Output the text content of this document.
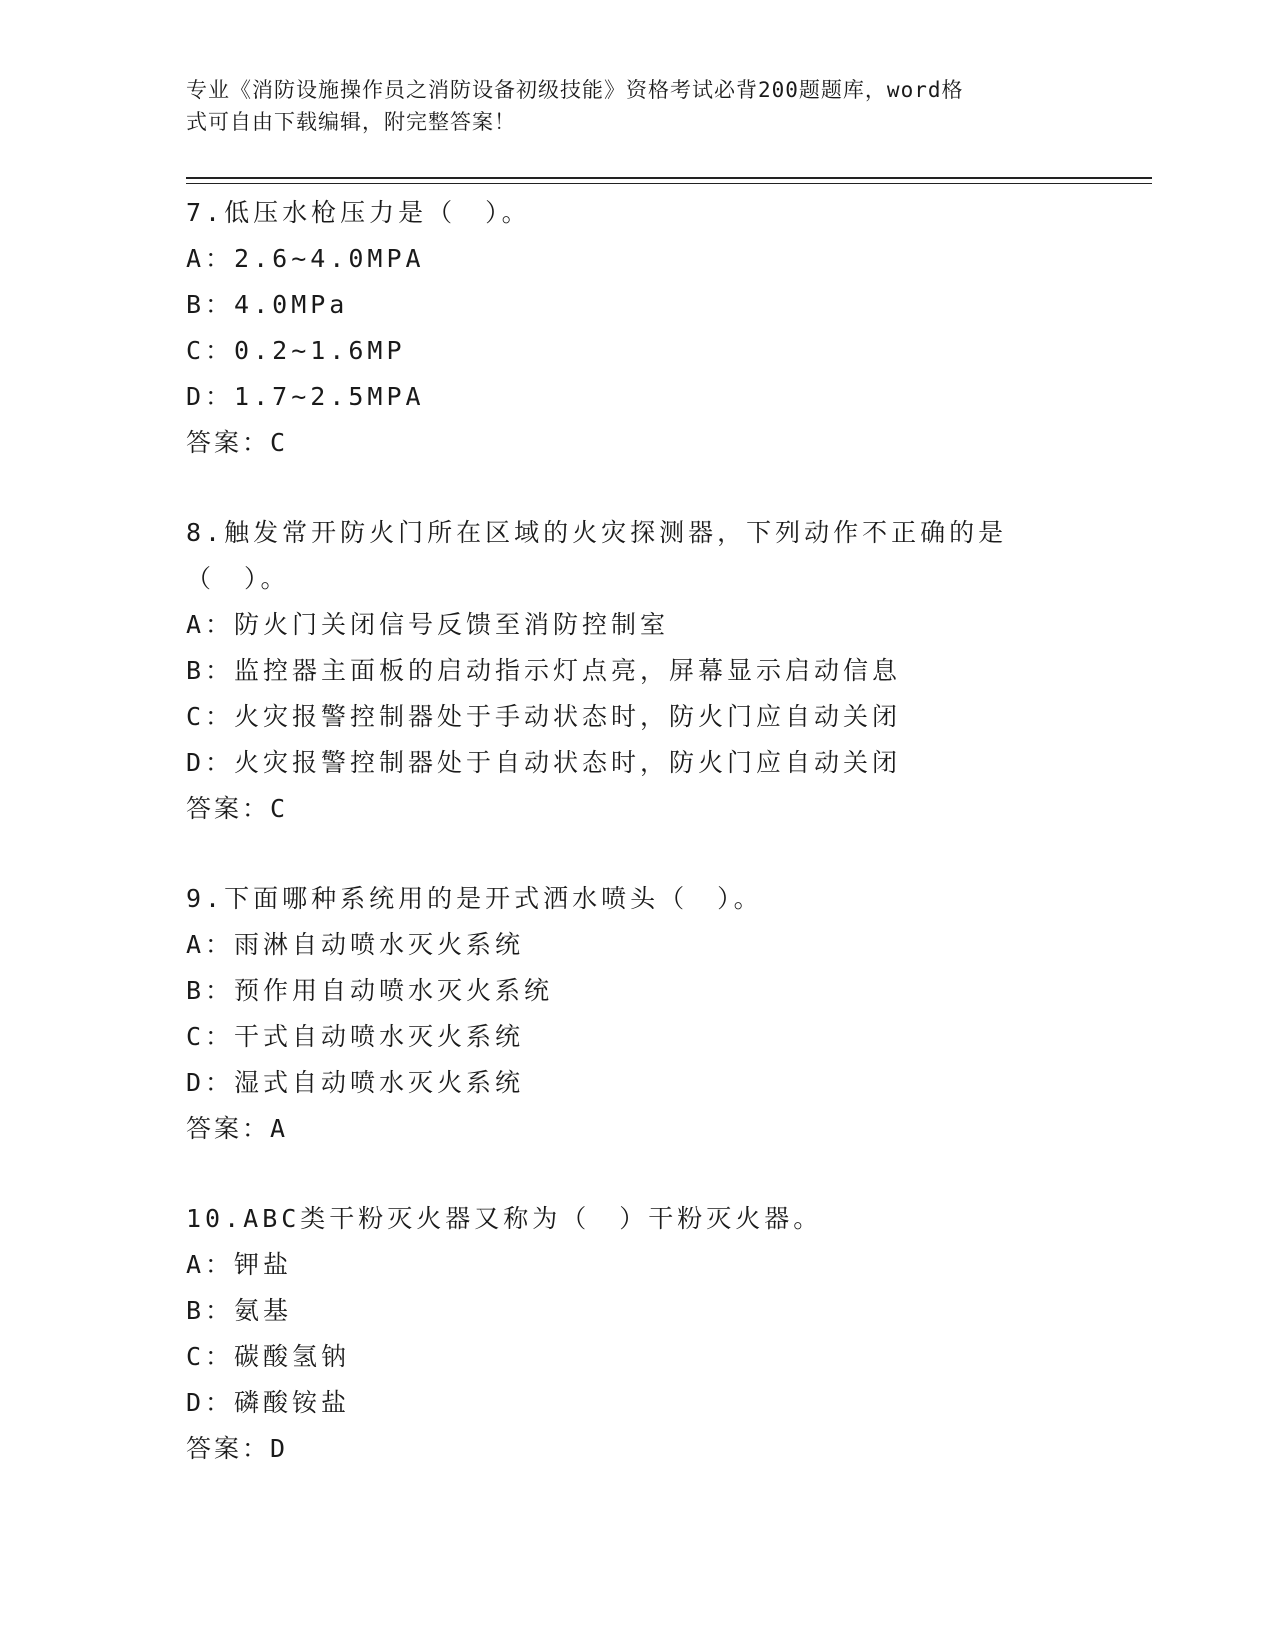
专业《消防设施操作员之消防设备初级技能》资格考试必背200题题库，word格
式可自由下载编辑，附完整答案！
7.低压水枪压力是（　）。
A：2.6~4.0MPA
B：4.0MPa
C：0.2~1.6MP
D：1.7~2.5MPA
答案：C
8.触发常开防火门所在区域的火灾探测器，下列动作不正确的是（　）。
A：防火门关闭信号反馈至消防控制室
B：监控器主面板的启动指示灯点亮，屏幕显示启动信息
C：火灾报警控制器处于手动状态时，防火门应自动关闭
D：火灾报警控制器处于自动状态时，防火门应自动关闭
答案：C
9.下面哪种系统用的是开式洒水喷头（　）。
A：雨淋自动喷水灭火系统
B：预作用自动喷水灭火系统
C：干式自动喷水灭火系统
D：湿式自动喷水灭火系统
答案：A
10.ABC类干粉灭火器又称为（　）干粉灭火器。
A：钾盐
B：氨基
C：碳酸氢钠
D：磷酸铵盐
答案：D
